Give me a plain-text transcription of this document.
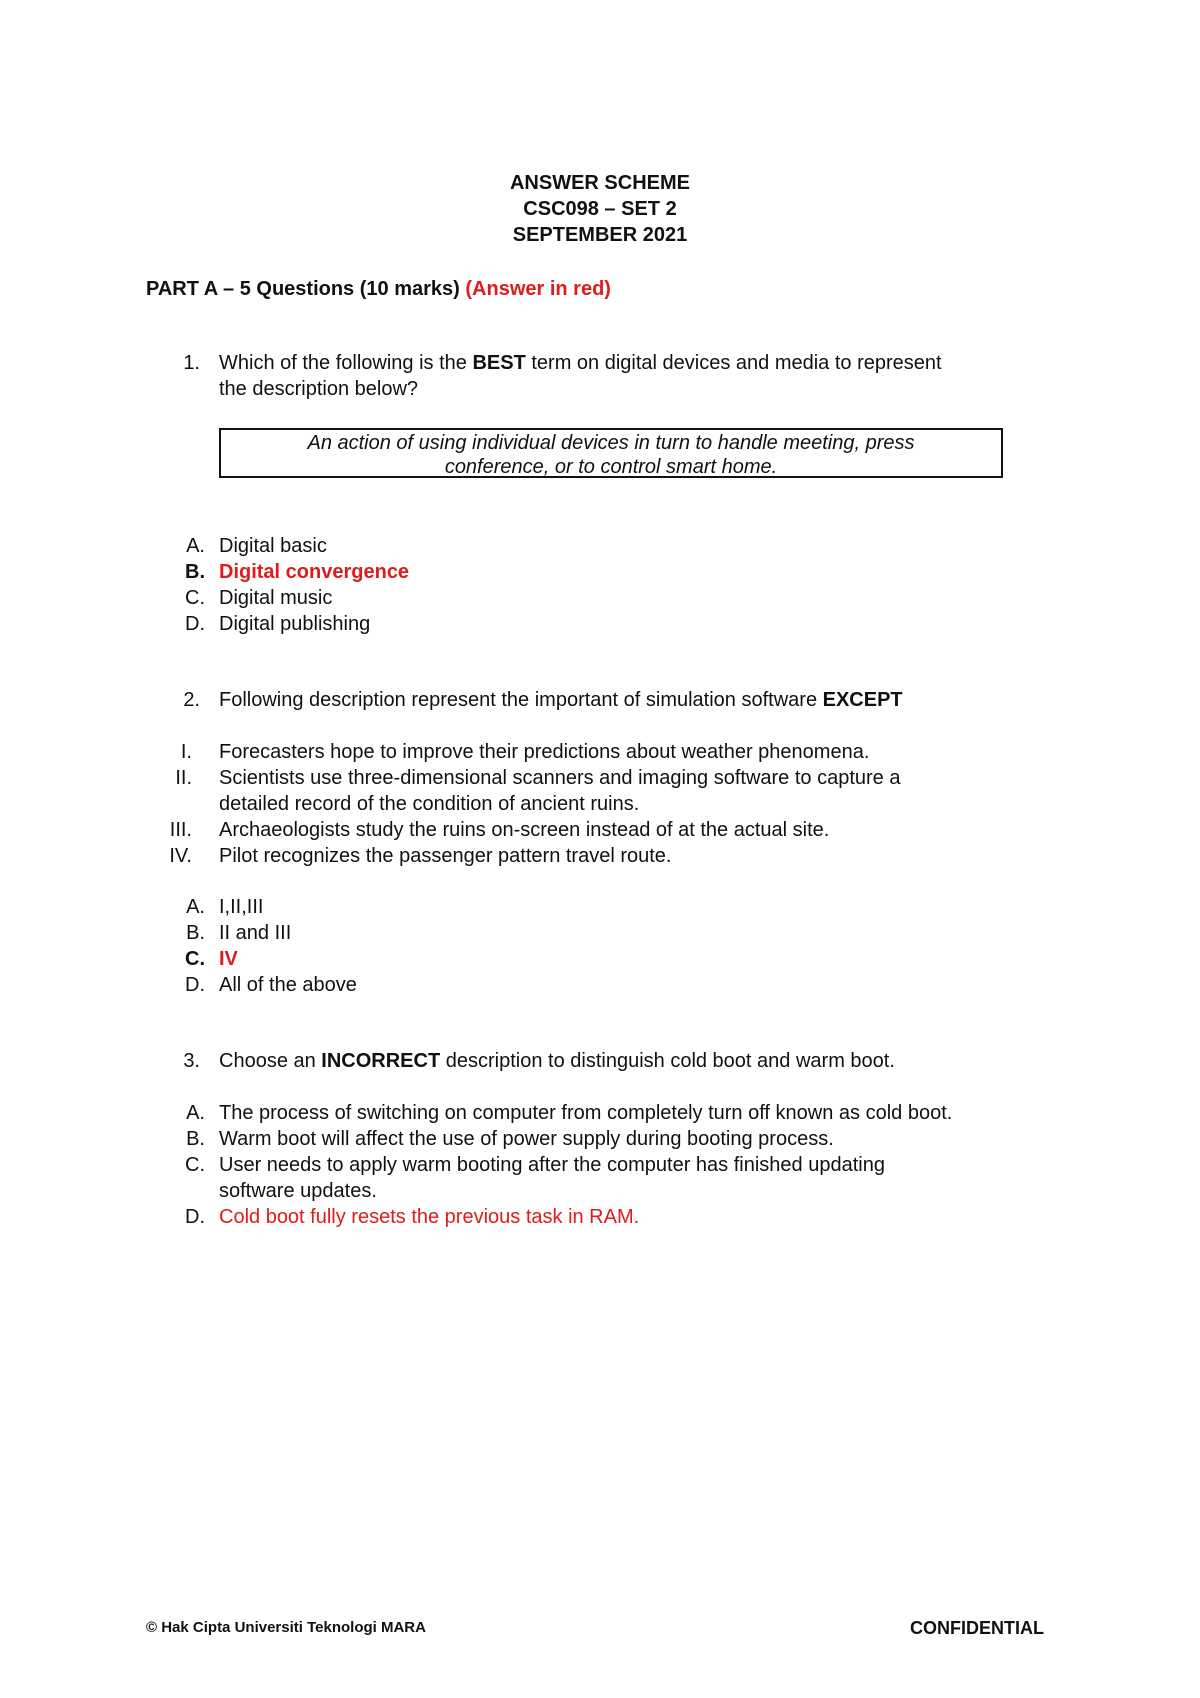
ANSWER SCHEME
CSC098 – SET 2
SEPTEMBER 2021
PART A – 5 Questions (10 marks) (Answer in red)
1. Which of the following is the BEST term on digital devices and media to represent
the description below?
An action of using individual devices in turn to handle meeting, press
conference, or to control smart home.
A. Digital basic
B. Digital convergence
C. Digital music
D. Digital publishing
2. Following description represent the important of simulation software EXCEPT
I. Forecasters hope to improve their predictions about weather phenomena.
II. Scientists use three-dimensional scanners and imaging software to capture a
detailed record of the condition of ancient ruins.
III. Archaeologists study the ruins on-screen instead of at the actual site.
IV. Pilot recognizes the passenger pattern travel route.
A. I,II,III
B. II and III
C. IV
D. All of the above
3. Choose an INCORRECT description to distinguish cold boot and warm boot.
A. The process of switching on computer from completely turn off known as cold boot.
B. Warm boot will affect the use of power supply during booting process.
C. User needs to apply warm booting after the computer has finished updating
software updates.
D. Cold boot fully resets the previous task in RAM.
© Hak Cipta Universiti Teknologi MARA	CONFIDENTIAL
